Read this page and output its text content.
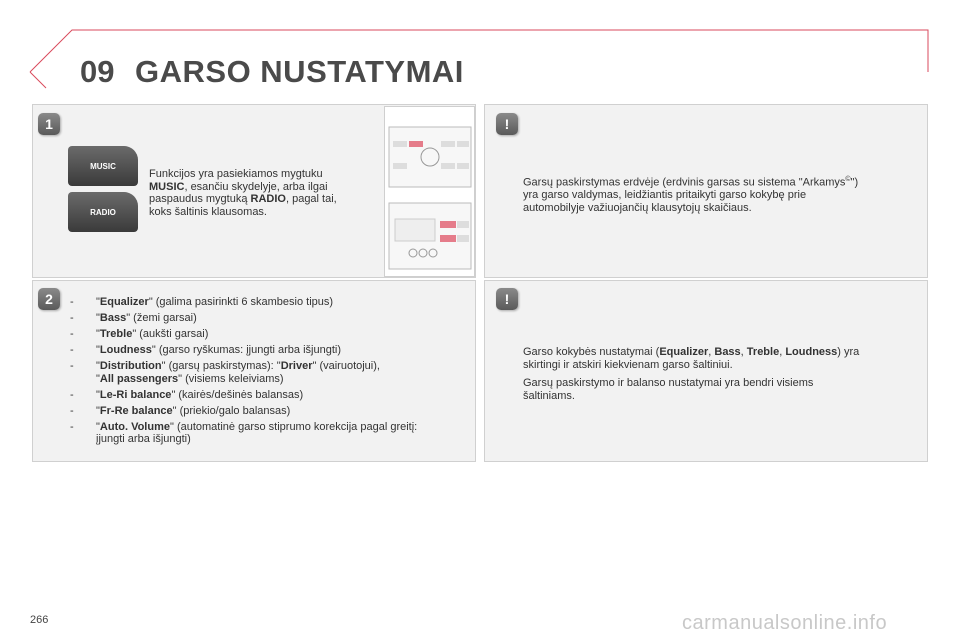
09 GARSO NUSTATYMAI
1
MUSIC
RADIO
Funkcijos yra pasiekiamos mygtuku
MUSIC, esančiu skydelyje, arba ilgai
paspaudus mygtuką RADIO, pagal tai,
koks šaltinis klausomas.
!
Garsų paskirstymas erdvėje (erdvinis garsas su sistema "Arkamys©")
yra garso valdymas, leidžiantis pritaikyti garso kokybę prie
automobilyje važiuojančių klausytojų skaičiaus.
2	-	"Equalizer" (galima pasirinkti 6 skambesio tipus)
-	"Bass" (žemi garsai)
-	"Treble" (aukšti garsai)
-	"Loudness" (garso ryškumas: įjungti arba išjungti)
-	"Distribution" (garsų paskirstymas): "Driver" (vairuotojui),
"All passengers" (visiems keleiviams)
-	"Le-Ri balance" (kairės/dešinės balansas)
-	"Fr-Re balance" (priekio/galo balansas)
-	"Auto. Volume" (automatinė garso stiprumo korekcija pagal greitį:
įjungti arba išjungti)
!
Garso kokybės nustatymai (Equalizer, Bass, Treble, Loudness) yra
skirtingi ir atskiri kiekvienam garso šaltiniui.
Garsų paskirstymo ir balanso nustatymai yra bendri visiems
šaltiniams.
266	carmanualsonline.info
